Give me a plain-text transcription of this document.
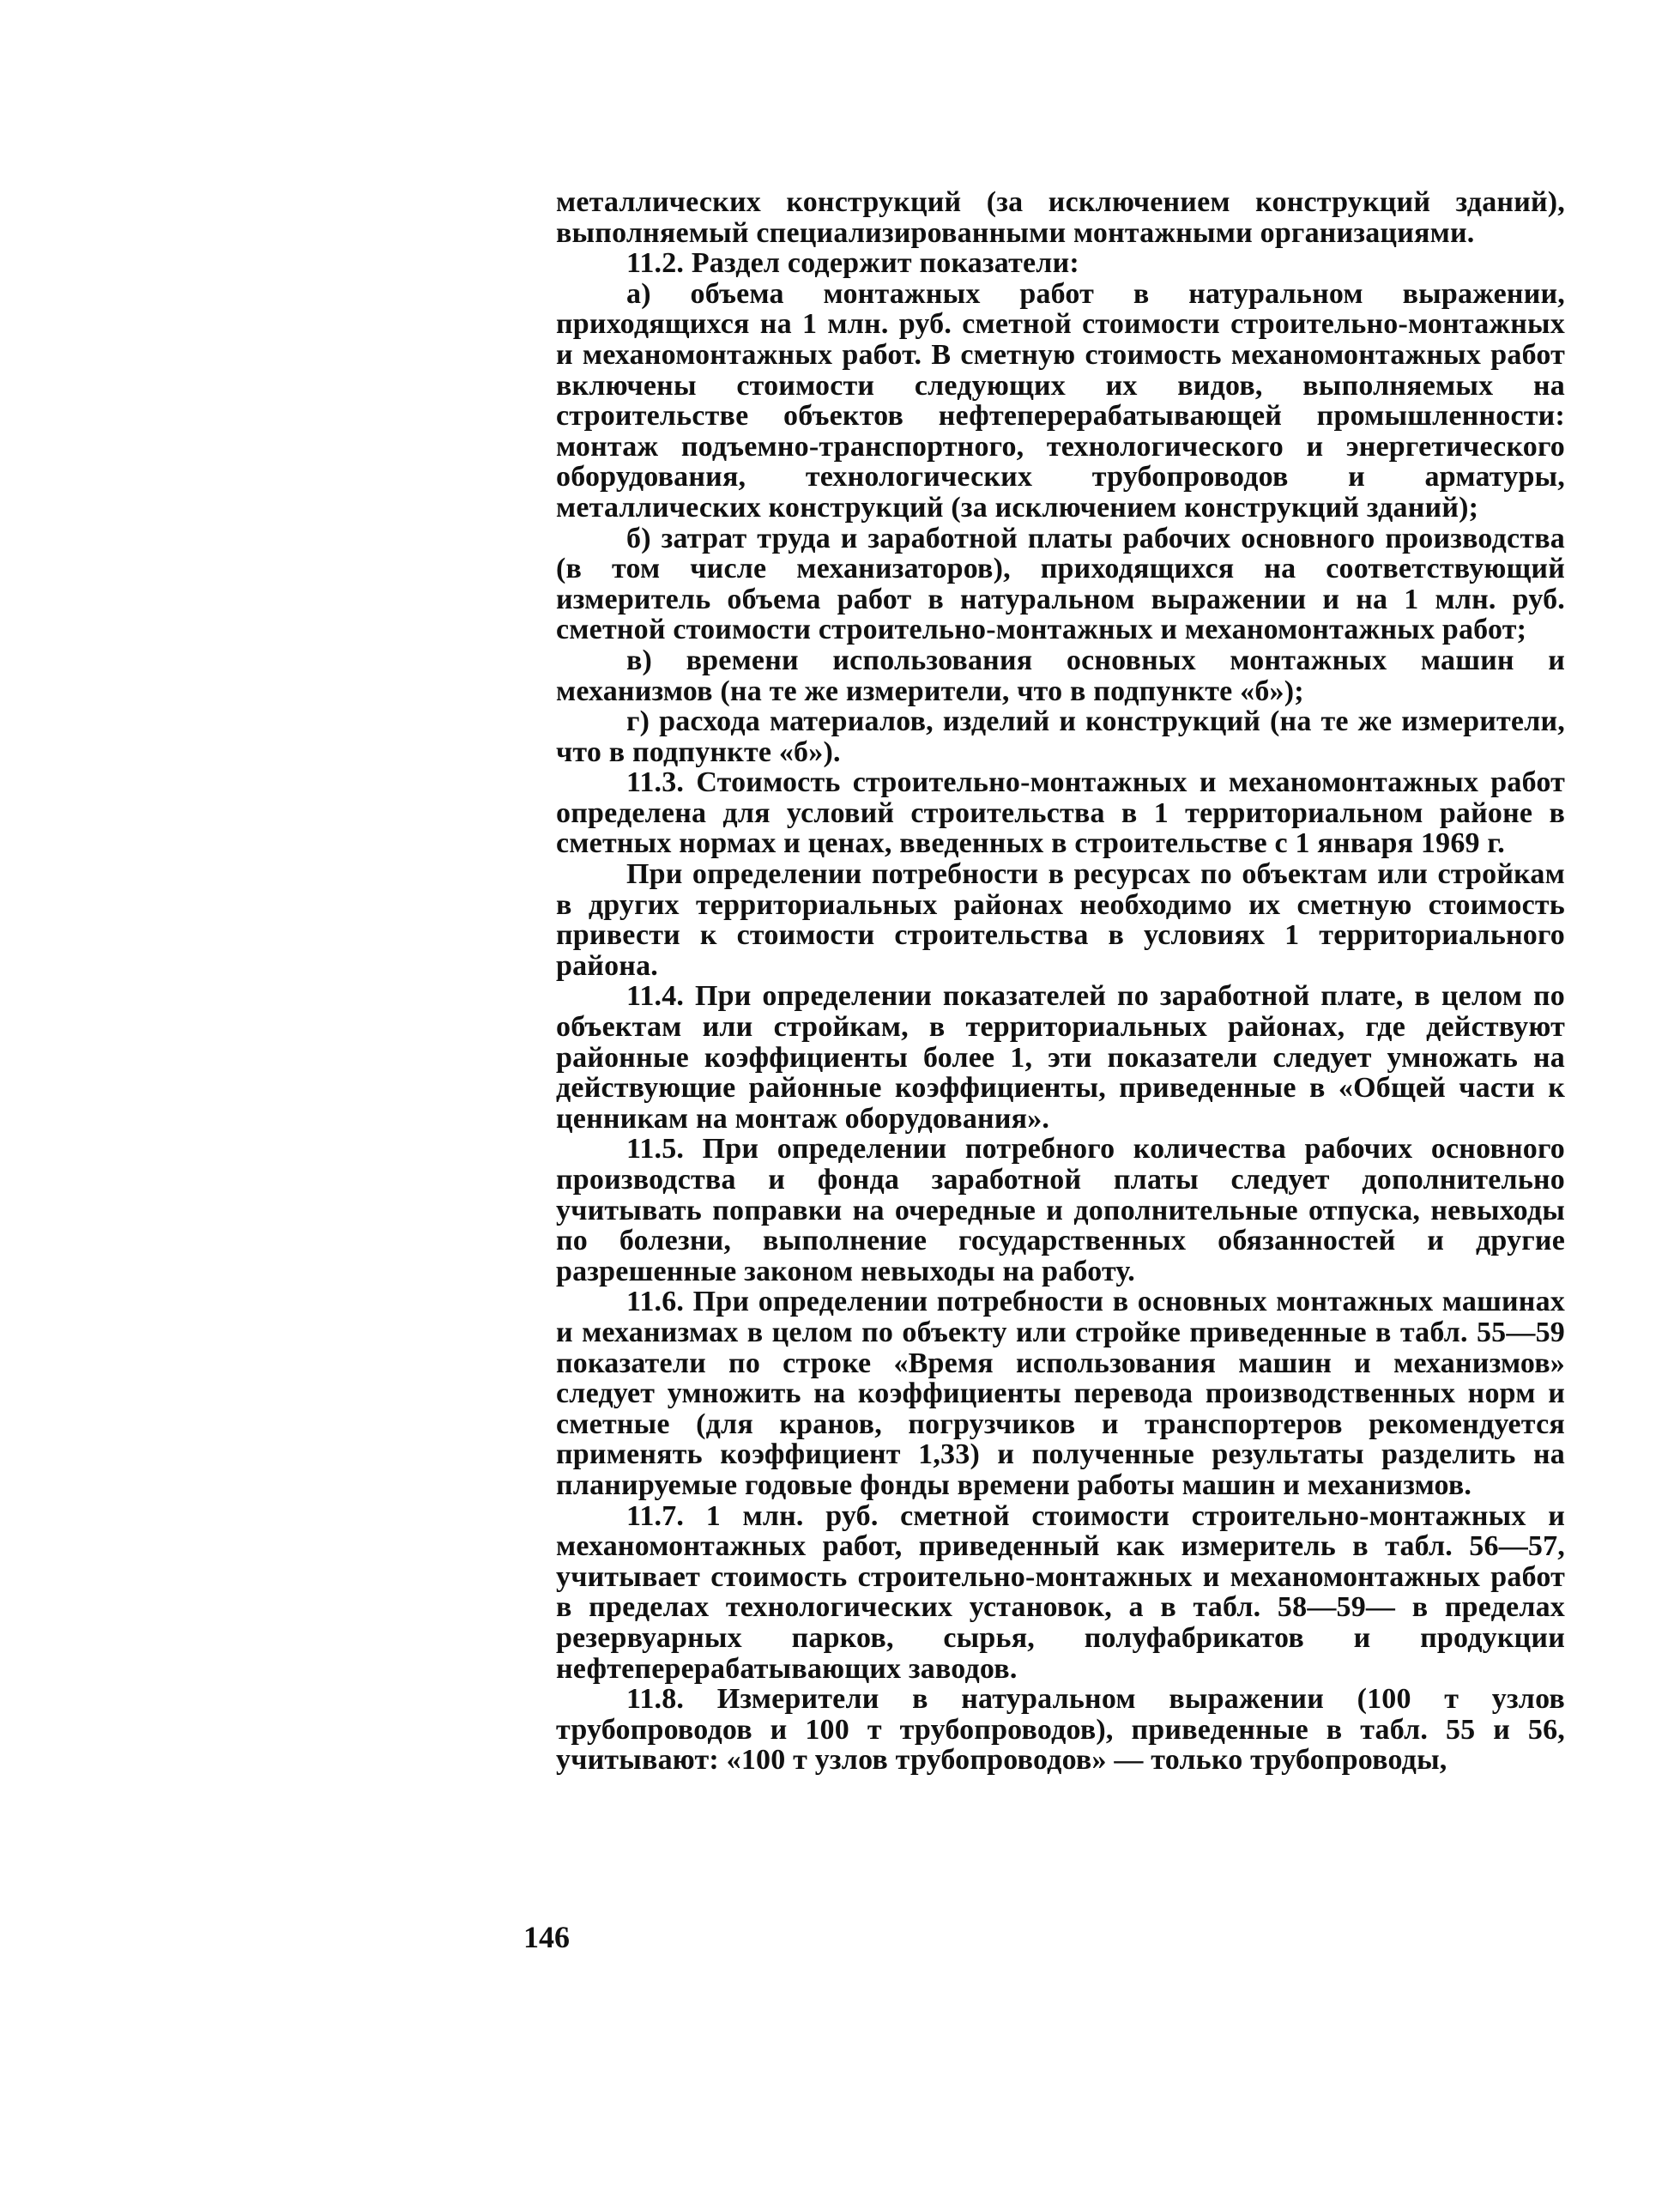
металлических конструкций (за исключением конструкций зданий), выполняемый специализированными монтажными организациями.

11.2. Раздел содержит показатели:

а) объема монтажных работ в натуральном выражении, приходящихся на 1 млн. руб. сметной стоимости строительно-монтажных и механомонтажных работ. В сметную стоимость механомонтажных работ включены стоимости следующих их видов, выполняемых на строительстве объектов нефтеперерабатывающей промышленности: монтаж подъемно-транспортного, технологического и энергетического оборудования, технологических трубопроводов и арматуры, металлических конструкций (за исключением конструкций зданий);

б) затрат труда и заработной платы рабочих основного производства (в том числе механизаторов), приходящихся на соответствующий измеритель объема работ в натуральном выражении и на 1 млн. руб. сметной стоимости строительно-монтажных и механомонтажных работ;

в) времени использования основных монтажных машин и механизмов (на те же измерители, что в подпункте «б»);

г) расхода материалов, изделий и конструкций (на те же измерители, что в подпункте «б»).

11.3. Стоимость строительно-монтажных и механомонтажных работ определена для условий строительства в 1 территориальном районе в сметных нормах и ценах, введенных в строительстве с 1 января 1969 г.

При определении потребности в ресурсах по объектам или стройкам в других территориальных районах необходимо их сметную стоимость привести к стоимости строительства в условиях 1 территориального района.

11.4. При определении показателей по заработной плате, в целом по объектам или стройкам, в территориальных районах, где действуют районные коэффициенты более 1, эти показатели следует умножать на действующие районные коэффициенты, приведенные в «Общей части к ценникам на монтаж оборудования».

11.5. При определении потребного количества рабочих основного производства и фонда заработной платы следует дополнительно учитывать поправки на очередные и дополнительные отпуска, невыходы по болезни, выполнение государственных обязанностей и другие разрешенные законом невыходы на работу.

11.6. При определении потребности в основных монтажных машинах и механизмах в целом по объекту или стройке приведенные в табл. 55—59 показатели по строке «Время использования машин и механизмов» следует умножить на коэффициенты перевода производственных норм и сметные (для кранов, погрузчиков и транспортеров рекомендуется применять коэффициент 1,33) и полученные результаты разделить на планируемые годовые фонды времени работы машин и механизмов.

11.7. 1 млн. руб. сметной стоимости строительно-монтажных и механомонтажных работ, приведенный как измеритель в табл. 56—57, учитывает стоимость строительно-монтажных и механомонтажных работ в пределах технологических установок, а в табл. 58—59— в пределах резервуарных парков, сырья, полуфабрикатов и продукции нефтеперерабатывающих заводов.

11.8. Измерители в натуральном выражении (100 т узлов трубопроводов и 100 т трубопроводов), приведенные в табл. 55 и 56, учитывают: «100 т узлов трубопроводов» — только трубопроводы,

146
